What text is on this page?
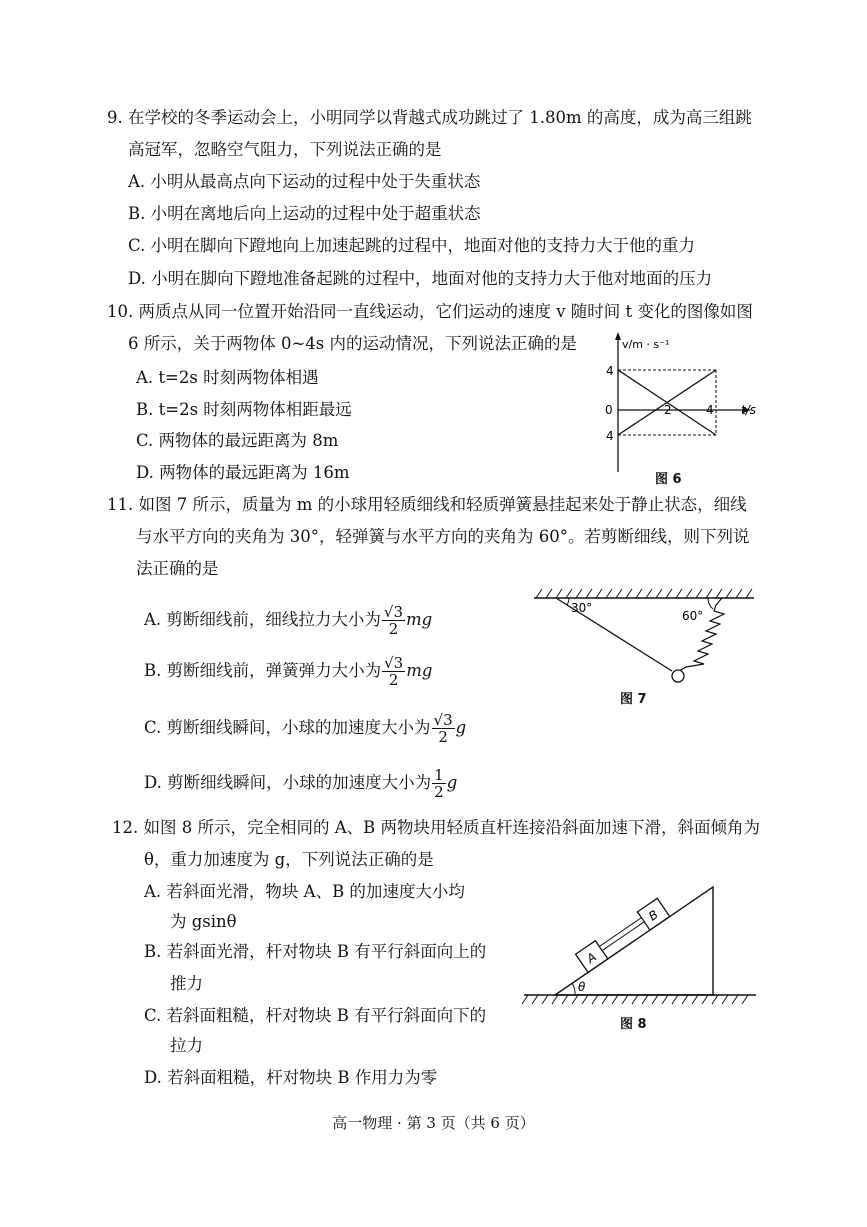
9. 在学校的冬季运动会上，小明同学以背越式成功跳过了 1.80m 的高度，成为高三组跳
高冠军，忽略空气阻力，下列说法正确的是
A. 小明从最高点向下运动的过程中处于失重状态
B. 小明在离地后向上运动的过程中处于超重状态
C. 小明在脚向下蹬地向上加速起跳的过程中，地面对他的支持力大于他的重力
D. 小明在脚向下蹬地准备起跳的过程中，地面对他的支持力大于他对地面的压力
10. 两质点从同一位置开始沿同一直线运动，它们运动的速度 v 随时间 t 变化的图像如图
6 所示，关于两物体 0~4s 内的运动情况，下列说法正确的是
A. t=2s 时刻两物体相遇
B. t=2s 时刻两物体相距最远
C. 两物体的最远距离为 8m
D. 两物体的最远距离为 16m
v/m · s⁻¹
t/s
0	2	4
4
4
图 6
11. 如图 7 所示，质量为 m 的小球用轻质细线和轻质弹簧悬挂起来处于静止状态，细线
与水平方向的夹角为 30°，轻弹簧与水平方向的夹角为 60°。若剪断细线，则下列说
法正确的是
A. 剪断细线前，细线拉力大小为 $\frac{√3}{2}$ mg
B. 剪断细线前，弹簧弹力大小为 $\frac{√3}{2}$ mg
C. 剪断细线瞬间，小球的加速度大小为 $\frac{√3}{2}$ g
D. 剪断细线瞬间，小球的加速度大小为 $\frac{1}{2}$ g
30°
60°
图 7
12. 如图 8 所示，完全相同的 A、B 两物块用轻质直杆连接沿斜面加速下滑，斜面倾角为
θ，重力加速度为 g，下列说法正确的是
A. 若斜面光滑，物块 A、B 的加速度大小均
为 gsinθ
B. 若斜面光滑，杆对物块 B 有平行斜面向上的
推力
C. 若斜面粗糙，杆对物块 B 有平行斜面向下的
拉力
D. 若斜面粗糙，杆对物块 B 作用力为零
θ
A
B
图 8
高一物理 · 第 3 页（共 6 页）
